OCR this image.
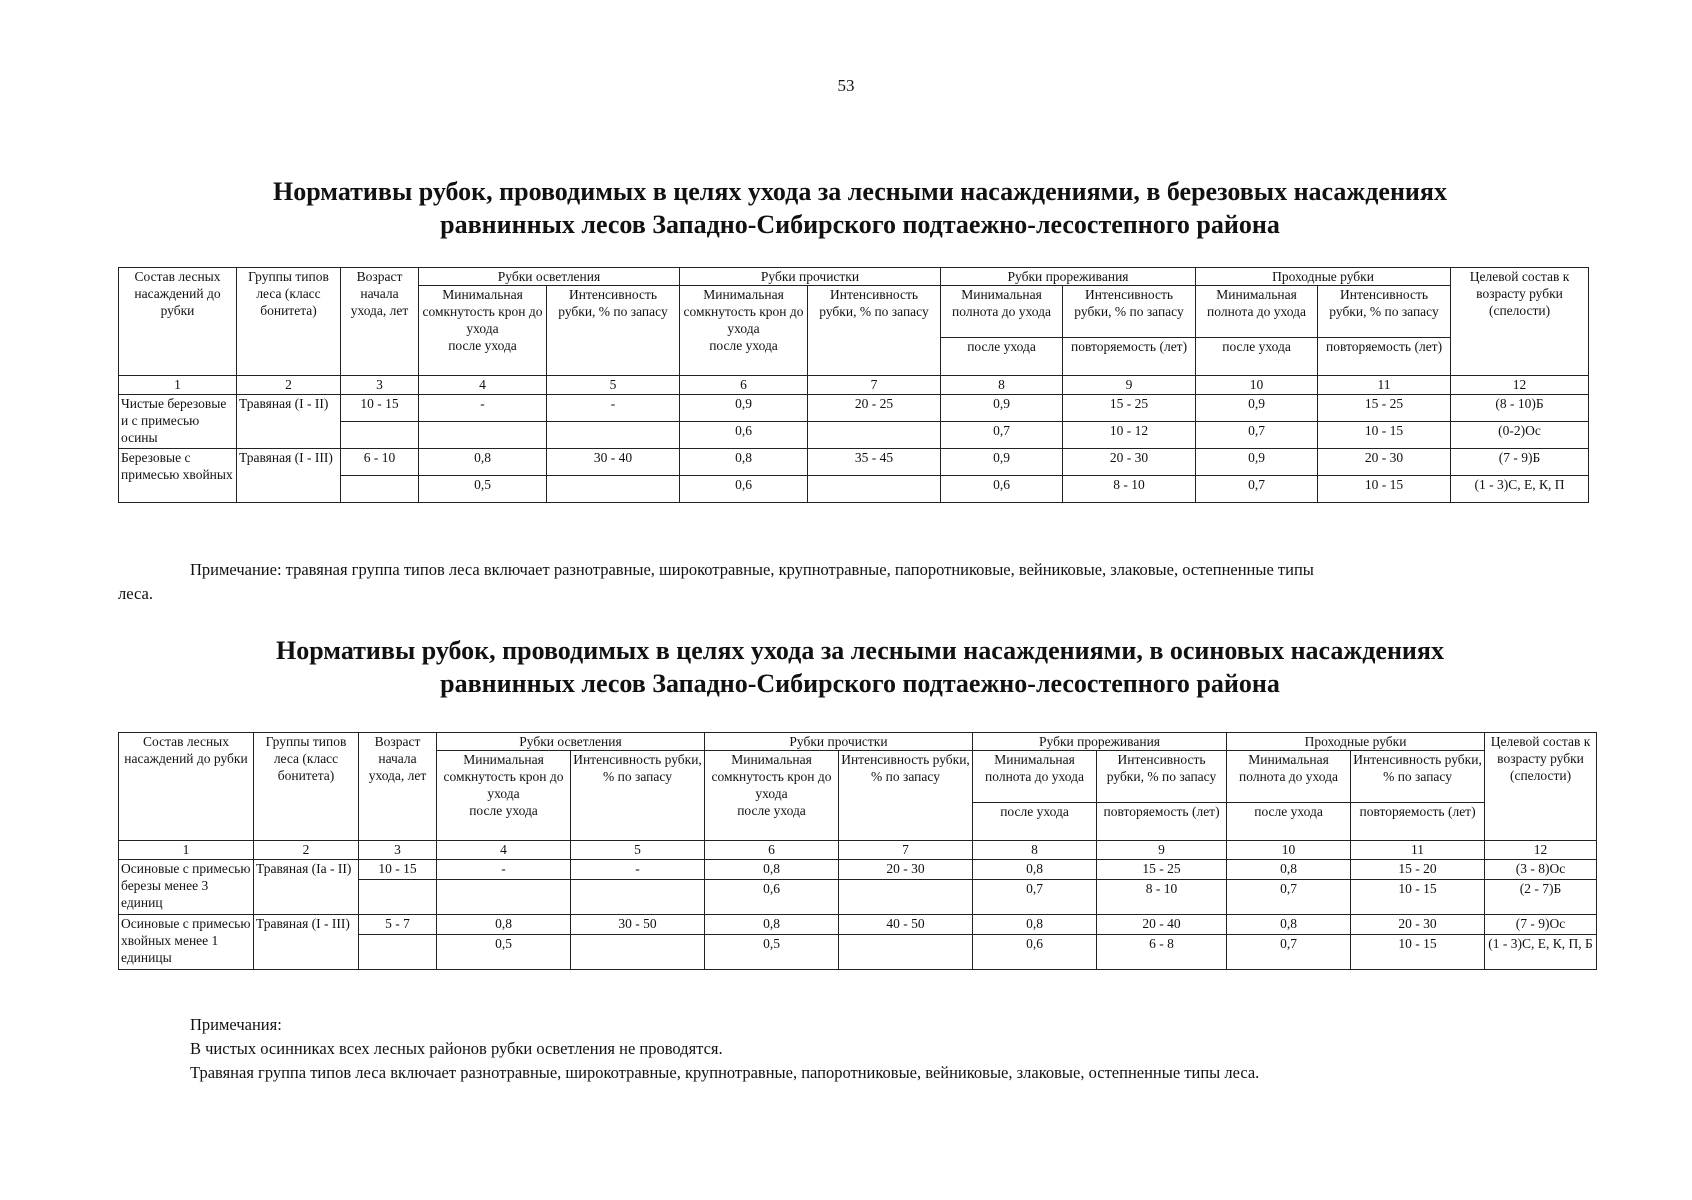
53
Нормативы рубок, проводимых в целях ухода за лесными насаждениями, в березовых насаждениях
равнинных лесов Западно-Сибирского подтаежно-лесостепного района
Состав лесных насаждений до рубки	Группы типов леса (класс бонитета)	Возраст начала ухода, лет	Рубки осветления		Рубки прочистки		Рубки прореживания		Проходные рубки		Целевой состав к возрасту рубки (спелости)
			Минимальная сомкнутость крон до ухода	Интенсивность рубки, % по запасу	Минимальная сомкнутость крон до ухода	Интенсивность рубки, % по запасу	Минимальная полнота до ухода	Интенсивность рубки, % по запасу	Минимальная полнота до ухода	Интенсивность рубки, % по запасу	
			после ухода		после ухода		после ухода	повторяемость (лет)	после ухода	повторяемость (лет)	
1	2	3	4	5	6	7	8	9	10	11	12
Чистые березовые и с примесью осины	Травяная (I - II)	10 - 15	-	-	0,9	20 - 25	0,9	15 - 25	0,9	15 - 25	(8 - 10)Б
					0,6		0,7	10 - 12	0,7	10 - 15	(0-2)Ос
Березовые с примесью хвойных	Травяная (I - III)	6 - 10	0,8	30 - 40	0,8	35 - 45	0,9	20 - 30	0,9	20 - 30	(7 - 9)Б
			0,5		0,6		0,6	8 - 10	0,7	10 - 15	(1 - 3)С, Е, К, П

Примечание: травяная группа типов леса включает разнотравные, широкотравные, крупнотравные, папоротниковые, вейниковые, злаковые, остепненные типы

леса.

Нормативы рубок, проводимых в целях ухода за лесными насаждениями, в осиновых насаждениях
равнинных лесов Западно-Сибирского подтаежно-лесостепного района
Состав лесных насаждений до рубки	Группы типов леса (класс бонитета)	Возраст начала ухода, лет	Рубки осветления		Рубки прочистки		Рубки прореживания		Проходные рубки		Целевой состав к возрасту рубки (спелости)
			Минимальная сомкнутость крон до ухода	Интенсивность рубки, % по запасу	Минимальная сомкнутость крон до ухода	Интенсивность рубки, % по запасу	Минимальная полнота до ухода	Интенсивность рубки, % по запасу	Минимальная полнота до ухода	Интенсивность рубки, % по запасу	
			после ухода		после ухода		после ухода	повторяемость (лет)	после ухода	повторяемость (лет)	
1	2	3	4	5	6	7	8	9	10	11	12
Осиновые с примесью березы менее 3 единиц	Травяная (Iа - II)	10 - 15	-	-	0,8	20 - 30	0,8	15 - 25	0,8	15 - 20	(3 - 8)Ос
					0,6		0,7	8 - 10	0,7	10 - 15	(2 - 7)Б
Осиновые с примесью хвойных менее 1 единицы	Травяная (I - III)	5 - 7	0,8	30 - 50	0,8	40 - 50	0,8	20 - 40	0,8	20 - 30	(7 - 9)Ос
			0,5		0,5		0,6	6 - 8	0,7	10 - 15	(1 - 3)С, Е, К, П, Б

Примечания:

В чистых осинниках всех лесных районов рубки осветления не проводятся.

Травяная группа типов леса включает разнотравные, широкотравные, крупнотравные, папоротниковые, вейниковые, злаковые, остепненные типы леса.
